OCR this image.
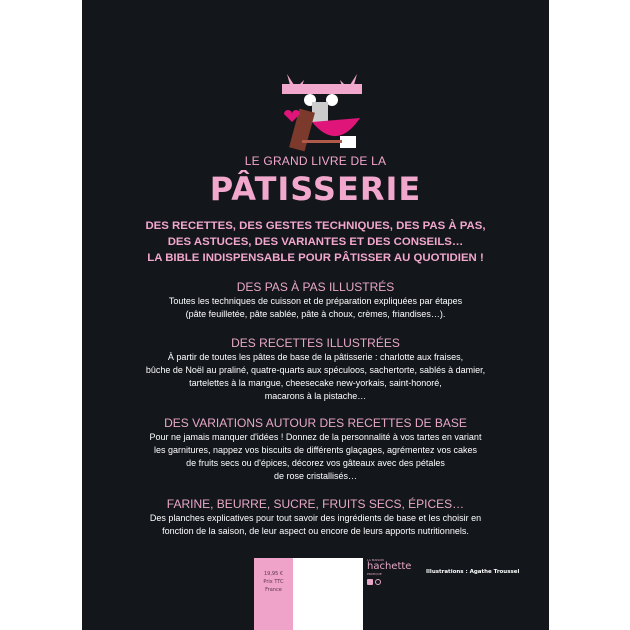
LE GRAND LIVRE DE LA
PÂTISSERIE
DES RECETTES, DES GESTES TECHNIQUES, DES PAS À PAS,
DES ASTUCES, DES VARIANTES ET DES CONSEILS…
LA BIBLE INDISPENSABLE POUR PÂTISSER AU QUOTIDIEN !
DES PAS À PAS ILLUSTRÉS

Toutes les techniques de cuisson et de préparation expliquées par étapes

(pâte feuilletée, pâte sablée, pâte à choux, crèmes, friandises…).

DES RECETTES ILLUSTRÉES

À partir de toutes les pâtes de base de la pâtisserie : charlotte aux fraises,

bûche de Noël au praliné, quatre-quarts aux spéculoos, sachertorte, sablés à damier,

tartelettes à la mangue, cheesecake new-yorkais, saint-honoré,

macarons à la pistache…

DES VARIATIONS AUTOUR DES RECETTES DE BASE

Pour ne jamais manquer d'idées ! Donnez de la personnalité à vos tartes en variant

les garnitures, nappez vos biscuits de différents glaçages, agrémentez vos cakes

de fruits secs ou d'épices, décorez vos gâteaux avec des pétales

de rose cristallisés…

FARINE, BEURRE, SUCRE, FRUITS SECS, ÉPICES…

Des planches explicatives pour tout savoir des ingrédients de base et les choisir en

fonction de la saison, de leur aspect ou encore de leurs apports nutritionnels.

19,95 €
Prix TTC
France
LA MAISON
hachette
PRATIQUE	Illustrations : Agathe Troussel
